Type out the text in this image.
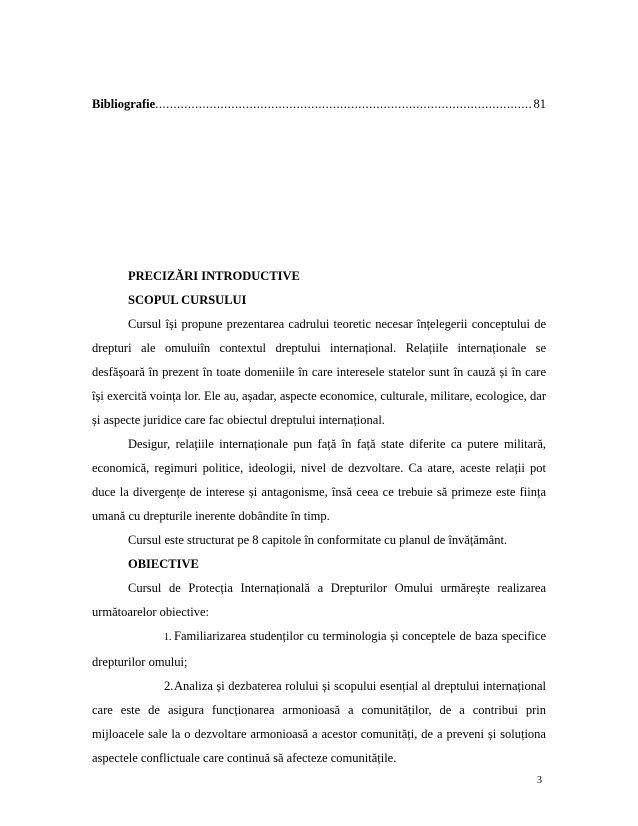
Bibliografie
.....	81

PRECIZĂRI INTRODUCTIVE

SCOPUL CURSULUI

Cursul își propune prezentarea cadrului teoretic necesar înțelegerii conceptului de drepturi ale omuluiîn contextul dreptului internațional. Relațiile internaționale se desfășoară în prezent în toate domeniile în care interesele statelor sunt în cauză și în care își exercită voința lor. Ele au, așadar, aspecte economice, culturale, militare, ecologice, dar și aspecte juridice care fac obiectul dreptului internațional.

Desigur, relațiile internaționale pun față în față state diferite ca putere militară, economică, regimuri politice, ideologii, nivel de dezvoltare. Ca atare, aceste relații pot duce la divergențe de interese și antagonisme, însă ceea ce trebuie să primeze este ființa umană cu drepturile inerente dobândite în timp.

Cursul este structurat pe 8 capitole în conformitate cu planul de învățământ.

OBIECTIVE

Cursul de Protecția Internațională a Drepturilor Omului urmărește realizarea următoarelor obiective:

1. Familiarizarea studenților cu terminologia și conceptele de baza specifice drepturilor omului;

2.Analiza și dezbaterea rolului și scopului esențial al dreptului internațional care este de asigura funcționarea armonioasă a comunităților, de a contribui prin mijloacele sale la o dezvoltare armonioasă a acestor comunități, de a preveni și soluționa aspectele conflictuale care continuă să afecteze comunitățile.

3
